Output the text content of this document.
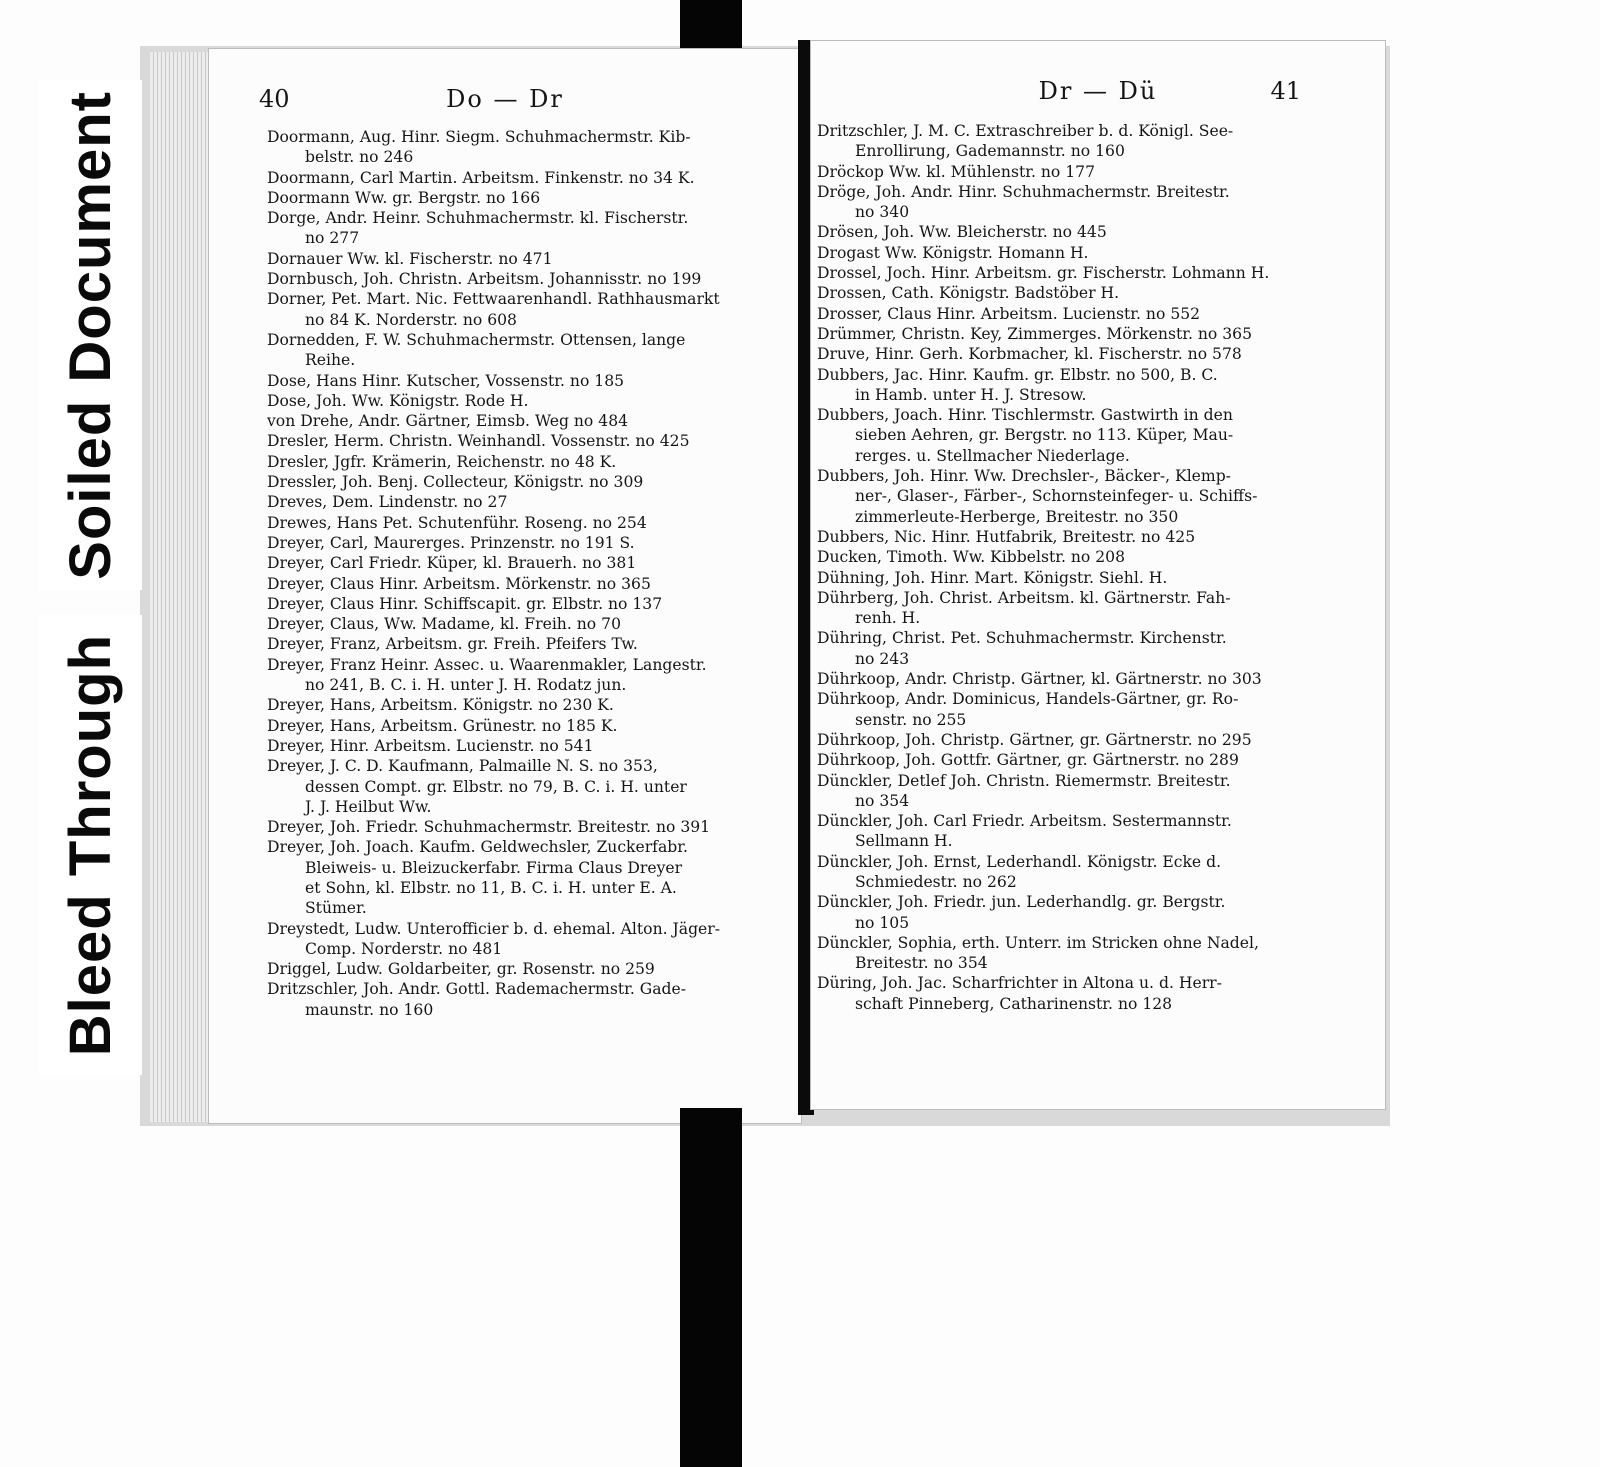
40	Do — Dr
Doormann, Aug. Hinr. Siegm. Schuhmachermstr. Kib-
belstr. no 246
Doormann, Carl Martin. Arbeitsm. Finkenstr. no 34 K.
Doormann Ww. gr. Bergstr. no 166
Dorge, Andr. Heinr. Schuhmachermstr. kl. Fischerstr.
no 277
Dornauer Ww. kl. Fischerstr. no 471
Dornbusch, Joh. Christn. Arbeitsm. Johannisstr. no 199
Dorner, Pet. Mart. Nic. Fettwaarenhandl. Rathhausmarkt
no 84 K. Norderstr. no 608
Dornedden, F. W. Schuhmachermstr. Ottensen, lange
Reihe.
Dose, Hans Hinr. Kutscher, Vossenstr. no 185
Dose, Joh. Ww. Königstr. Rode H.
von Drehe, Andr. Gärtner, Eimsb. Weg no 484
Dresler, Herm. Christn. Weinhandl. Vossenstr. no 425
Dresler, Jgfr. Krämerin, Reichenstr. no 48 K.
Dressler, Joh. Benj. Collecteur, Königstr. no 309
Dreves, Dem. Lindenstr. no 27
Drewes, Hans Pet. Schutenführ. Roseng. no 254
Dreyer, Carl, Maurerges. Prinzenstr. no 191 S.
Dreyer, Carl Friedr. Küper, kl. Brauerh. no 381
Dreyer, Claus Hinr. Arbeitsm. Mörkenstr. no 365
Dreyer, Claus Hinr. Schiffscapit. gr. Elbstr. no 137
Dreyer, Claus, Ww. Madame, kl. Freih. no 70
Dreyer, Franz, Arbeitsm. gr. Freih. Pfeifers Tw.
Dreyer, Franz Heinr. Assec. u. Waarenmakler, Langestr.
no 241, B. C. i. H. unter J. H. Rodatz jun.
Dreyer, Hans, Arbeitsm. Königstr. no 230 K.
Dreyer, Hans, Arbeitsm. Grünestr. no 185 K.
Dreyer, Hinr. Arbeitsm. Lucienstr. no 541
Dreyer, J. C. D. Kaufmann, Palmaille N. S. no 353,
dessen Compt. gr. Elbstr. no 79, B. C. i. H. unter
J. J. Heilbut Ww.
Dreyer, Joh. Friedr. Schuhmachermstr. Breitestr. no 391
Dreyer, Joh. Joach. Kaufm. Geldwechsler, Zuckerfabr.
Bleiweis- u. Bleizuckerfabr. Firma Claus Dreyer
et Sohn, kl. Elbstr. no 11, B. C. i. H. unter E. A.
Stümer.
Dreystedt, Ludw. Unterofficier b. d. ehemal. Alton. Jäger-
Comp. Norderstr. no 481
Driggel, Ludw. Goldarbeiter, gr. Rosenstr. no 259
Dritzschler, Joh. Andr. Gottl. Rademachermstr. Gade-
maunstr. no 160
Dr — Dü	41
Dritzschler, J. M. C. Extraschreiber b. d. Königl. See-
Enrollirung, Gademannstr. no 160
Dröckop Ww. kl. Mühlenstr. no 177
Dröge, Joh. Andr. Hinr. Schuhmachermstr. Breitestr.
no 340
Drösen, Joh. Ww. Bleicherstr. no 445
Drogast Ww. Königstr. Homann H.
Drossel, Joch. Hinr. Arbeitsm. gr. Fischerstr. Lohmann H.
Drossen, Cath. Königstr. Badstöber H.
Drosser, Claus Hinr. Arbeitsm. Lucienstr. no 552
Drümmer, Christn. Key, Zimmerges. Mörkenstr. no 365
Druve, Hinr. Gerh. Korbmacher, kl. Fischerstr. no 578
Dubbers, Jac. Hinr. Kaufm. gr. Elbstr. no 500, B. C.
in Hamb. unter H. J. Stresow.
Dubbers, Joach. Hinr. Tischlermstr. Gastwirth in den
sieben Aehren, gr. Bergstr. no 113. Küper, Mau-
rerges. u. Stellmacher Niederlage.
Dubbers, Joh. Hinr. Ww. Drechsler-, Bäcker-, Klemp-
ner-, Glaser-, Färber-, Schornsteinfeger- u. Schiffs-
zimmerleute-Herberge, Breitestr. no 350
Dubbers, Nic. Hinr. Hutfabrik, Breitestr. no 425
Ducken, Timoth. Ww. Kibbelstr. no 208
Dühning, Joh. Hinr. Mart. Königstr. Siehl. H.
Dührberg, Joh. Christ. Arbeitsm. kl. Gärtnerstr. Fah-
renh. H.
Dühring, Christ. Pet. Schuhmachermstr. Kirchenstr.
no 243
Dührkoop, Andr. Christp. Gärtner, kl. Gärtnerstr. no 303
Dührkoop, Andr. Dominicus, Handels-Gärtner, gr. Ro-
senstr. no 255
Dührkoop, Joh. Christp. Gärtner, gr. Gärtnerstr. no 295
Dührkoop, Joh. Gottfr. Gärtner, gr. Gärtnerstr. no 289
Dünckler, Detlef Joh. Christn. Riemermstr. Breitestr.
no 354
Dünckler, Joh. Carl Friedr. Arbeitsm. Sestermannstr.
Sellmann H.
Dünckler, Joh. Ernst, Lederhandl. Königstr. Ecke d.
Schmiedestr. no 262
Dünckler, Joh. Friedr. jun. Lederhandlg. gr. Bergstr.
no 105
Dünckler, Sophia, erth. Unterr. im Stricken ohne Nadel,
Breitestr. no 354
Düring, Joh. Jac. Scharfrichter in Altona u. d. Herr-
schaft Pinneberg, Catharinenstr. no 128
Soiled Document
Bleed Through
